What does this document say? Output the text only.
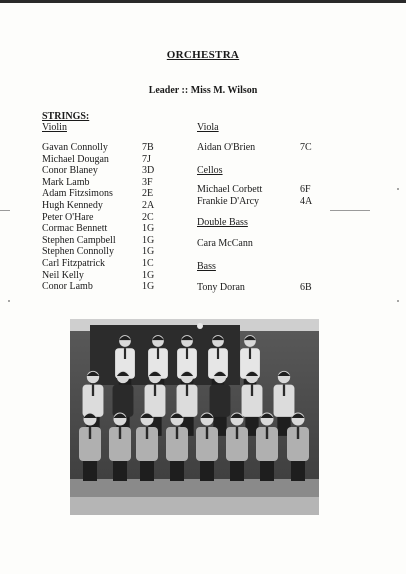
ORCHESTRA
Leader :: Miss M. Wilson
STRINGS:
Violin
Gavan Connolly	7B
Michael Dougan	7J
Conor Blaney	3D
Mark Lamb	3F
Adam Fitzsimons	2E
Hugh Kennedy	2A
Peter O'Hare	2C
Cormac Bennett	1G
Stephen Campbell	1G
Stephen Connolly	1G
Carl Fitzpatrick	1C
Neil Kelly	1G
Conor Lamb	1G
Viola
Aidan O'Brien	7C
Cellos
Michael Corbett	6F
Frankie D'Arcy	4A
Double Bass
Cara McCann
Bass
Tony Doran	6B
